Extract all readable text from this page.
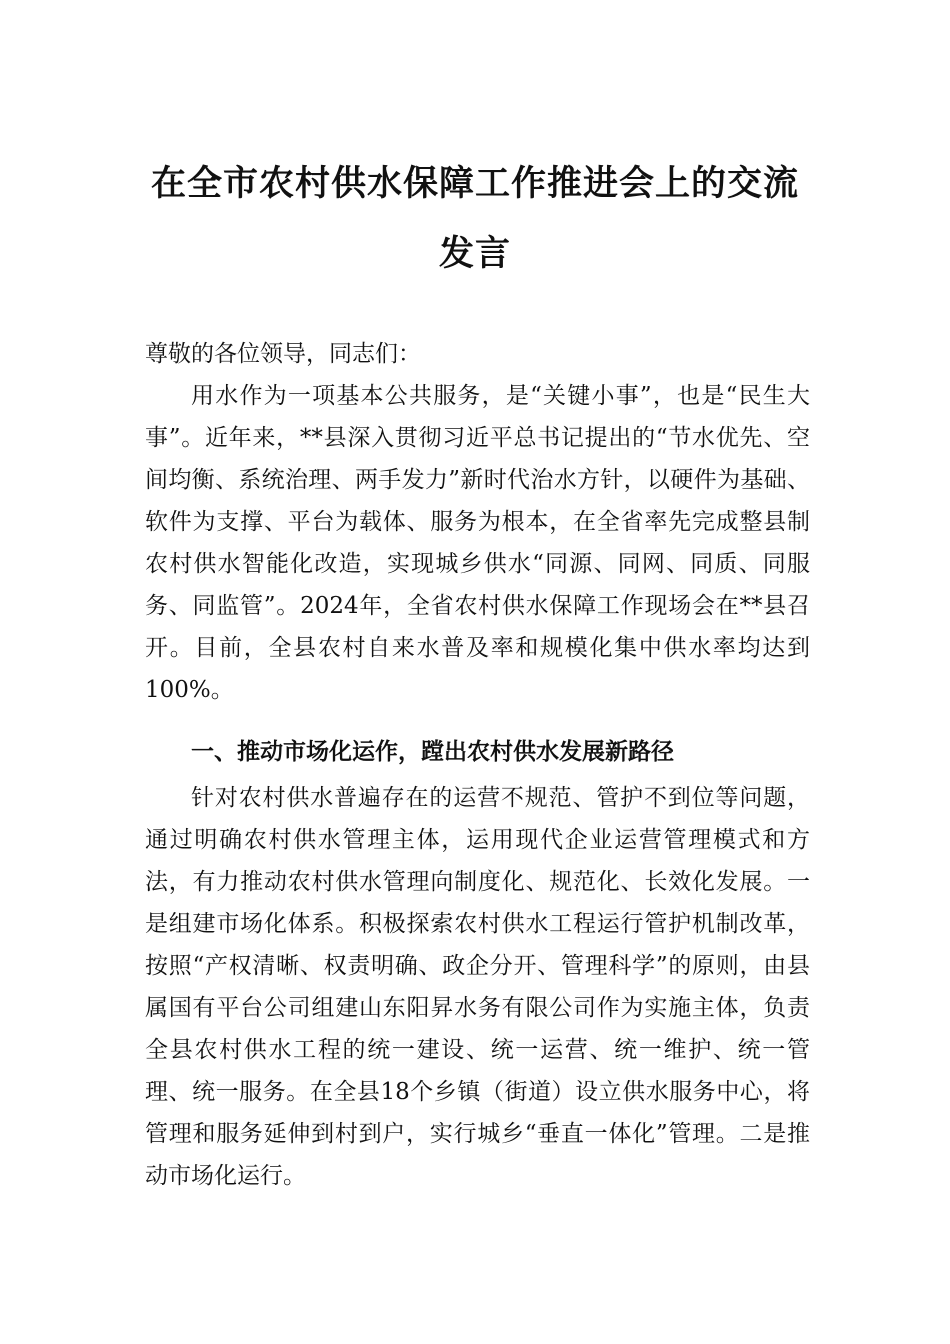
在全市农村供水保障工作推进会上的交流
发言

尊敬的各位领导，同志们：

用水作为一项基本公共服务，是“关键小事”，也是“民生大事”。近年来，**县深入贯彻习近平总书记提出的“节水优先、空间均衡、系统治理、两手发力”新时代治水方针，以硬件为基础、软件为支撑、平台为载体、服务为根本，在全省率先完成整县制农村供水智能化改造，实现城乡供水“同源、同网、同质、同服务、同监管”。2024年，全省农村供水保障工作现场会在**县召开。目前，全县农村自来水普及率和规模化集中供水率均达到100%。

一、推动市场化运作，蹚出农村供水发展新路径

针对农村供水普遍存在的运营不规范、管护不到位等问题，通过明确农村供水管理主体，运用现代企业运营管理模式和方法，有力推动农村供水管理向制度化、规范化、长效化发展。一是组建市场化体系。积极探索农村供水工程运行管护机制改革，按照“产权清晰、权责明确、政企分开、管理科学”的原则，由县属国有平台公司组建山东阳昇水务有限公司作为实施主体，负责全县农村供水工程的统一建设、统一运营、统一维护、统一管理、统一服务。在全县18个乡镇（街道）设立供水服务中心，将管理和服务延伸到村到户，实行城乡“垂直一体化”管理。二是推动市场化运行。
